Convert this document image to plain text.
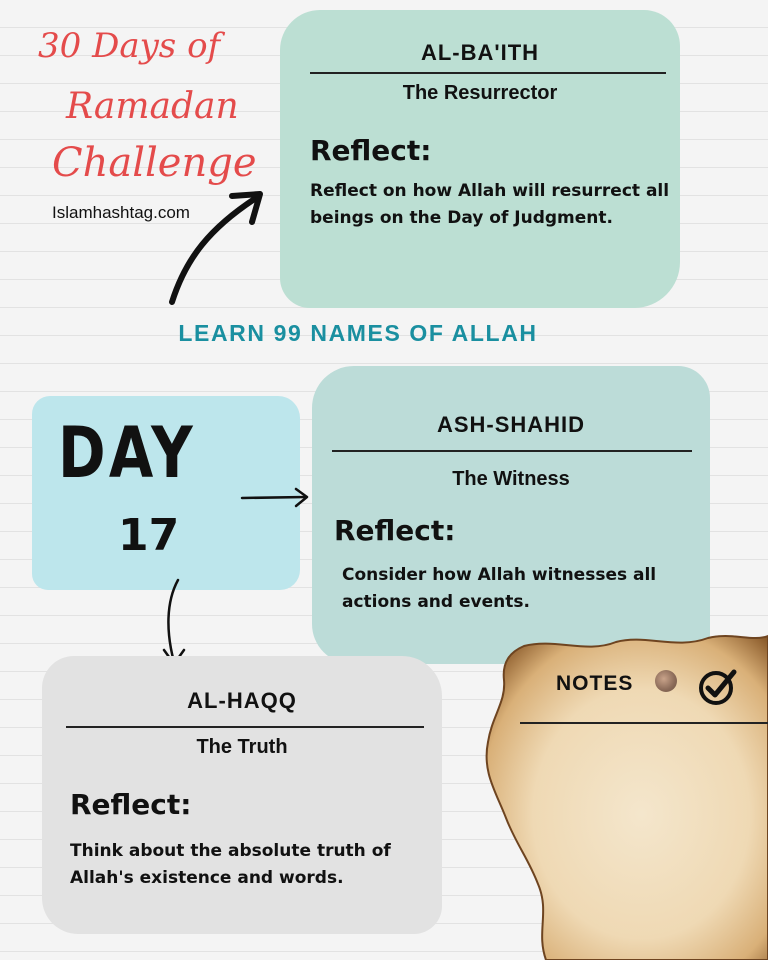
30 Days of
Ramadan
Challenge
Islamhashtag.com
AL-BA'ITH
The Resurrector
Reflect:
Reflect on how Allah will resurrect all beings on the Day of Judgment.
LEARN 99 NAMES OF ALLAH
DAY
17
ASH-SHAHID
The Witness
Reflect:
Consider how Allah witnesses all actions and events.
AL-HAQQ
The Truth
Reflect:
Think about the absolute truth of Allah's existence and words.
NOTES
